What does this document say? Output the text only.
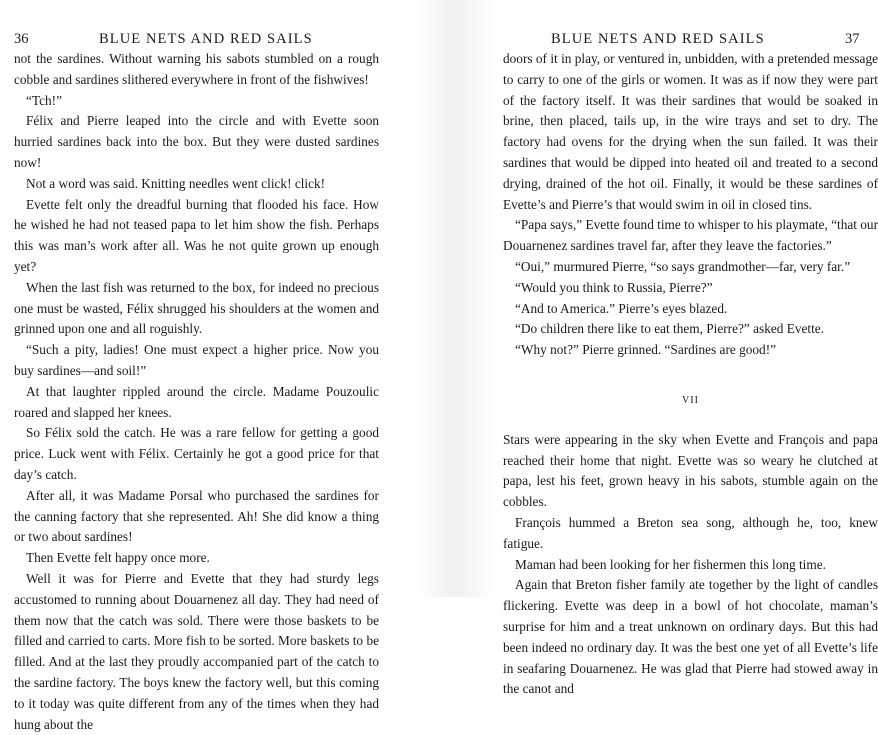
36	BLUE NETS AND RED SAILS

not the sardines. Without warning his sabots stumbled on a rough cobble and sardines slithered everywhere in front of the fishwives!

“Tch!”

Félix and Pierre leaped into the circle and with Evette soon hurried sardines back into the box. But they were dusted sardines now!

Not a word was said. Knitting needles went click! click!

Evette felt only the dreadful burning that flooded his face. How he wished he had not teased papa to let him show the fish. Perhaps this was man’s work after all. Was he not quite grown up enough yet?

When the last fish was returned to the box, for indeed no precious one must be wasted, Félix shrugged his shoulders at the women and grinned upon one and all roguishly.

“Such a pity, ladies! One must expect a higher price. Now you buy sardines—and soil!”

At that laughter rippled around the circle. Madame Pouzoulic roared and slapped her knees.

So Félix sold the catch. He was a rare fellow for getting a good price. Luck went with Félix. Certainly he got a good price for that day’s catch.

After all, it was Madame Porsal who purchased the sardines for the canning factory that she represented. Ah! She did know a thing or two about sardines!

Then Evette felt happy once more.

Well it was for Pierre and Evette that they had sturdy legs accustomed to running about Douarnenez all day. They had need of them now that the catch was sold. There were those baskets to be filled and carried to carts. More fish to be sorted. More baskets to be filled. And at the last they proudly accompanied part of the catch to the sardine factory. The boys knew the factory well, but this coming to it today was quite different from any of the times when they had hung about the

BLUE NETS AND RED SAILS	37

doors of it in play, or ventured in, unbidden, with a pretended message to carry to one of the girls or women. It was as if now they were part of the factory itself. It was their sardines that would be soaked in brine, then placed, tails up, in the wire trays and set to dry. The factory had ovens for the drying when the sun failed. It was their sardines that would be dipped into heated oil and treated to a second drying, drained of the hot oil. Finally, it would be these sardines of Evette’s and Pierre’s that would swim in oil in closed tins.

“Papa says,” Evette found time to whisper to his playmate, “that our Douarnenez sardines travel far, after they leave the factories.”

“Oui,” murmured Pierre, “so says grandmother—far, very far.”

“Would you think to Russia, Pierre?”

“And to America.” Pierre’s eyes blazed.

“Do children there like to eat them, Pierre?” asked Evette.

“Why not?” Pierre grinned. “Sardines are good!”

VII

Stars were appearing in the sky when Evette and François and papa reached their home that night. Evette was so weary he clutched at papa, lest his feet, grown heavy in his sabots, stumble again on the cobbles.

François hummed a Breton sea song, although he, too, knew fatigue.

Maman had been looking for her fishermen this long time.

Again that Breton fisher family ate together by the light of candles flickering. Evette was deep in a bowl of hot chocolate, maman’s surprise for him and a treat unknown on ordinary days. But this had been indeed no ordinary day. It was the best one yet of all Evette’s life in seafaring Douarnenez. He was glad that Pierre had stowed away in the canot and
